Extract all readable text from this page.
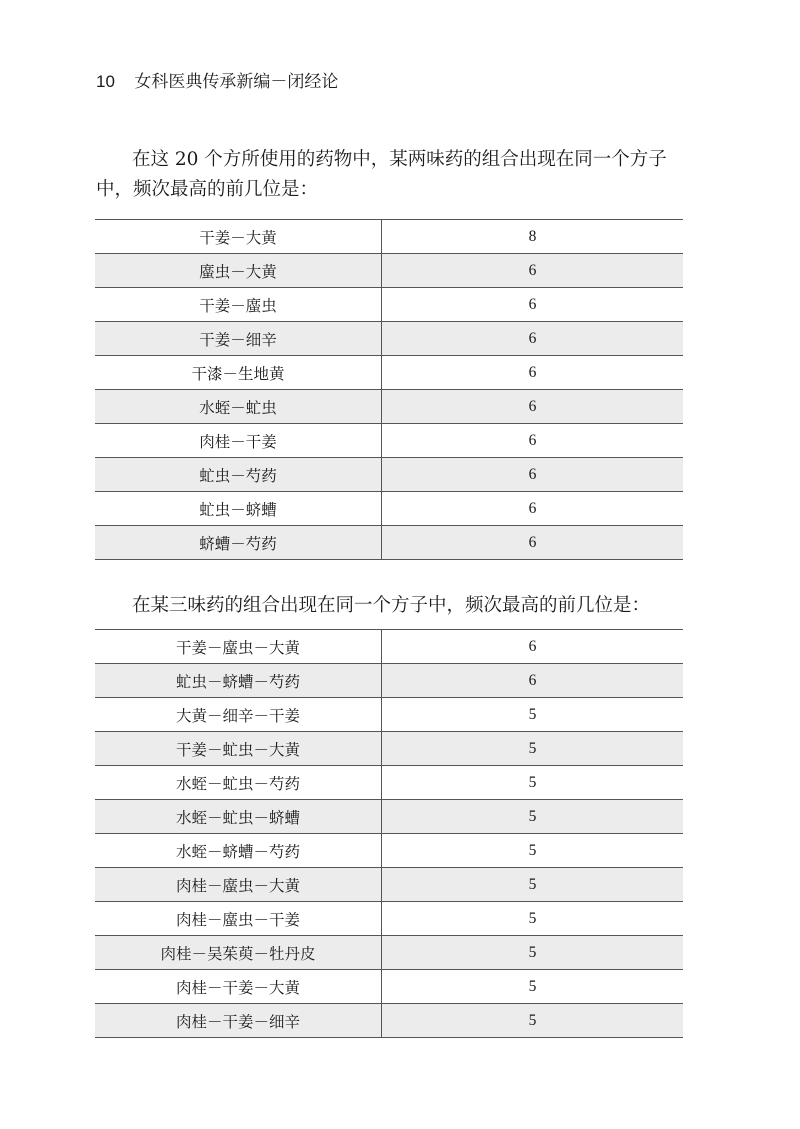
10 女科医典传承新编－闭经论

在这 20 个方所使用的药物中，某两味药的组合出现在同一个方子中，频次最高的前几位是：

干姜－大黄	8
䗪虫－大黄	6
干姜－䗪虫	6
干姜－细辛	6
干漆－生地黄	6
水蛭－虻虫	6
肉桂－干姜	6
虻虫－芍药	6
虻虫－蛴螬	6
蛴螬－芍药	6

在某三味药的组合出现在同一个方子中，频次最高的前几位是：

干姜－䗪虫－大黄	6
虻虫－蛴螬－芍药	6
大黄－细辛－干姜	5
干姜－虻虫－大黄	5
水蛭－虻虫－芍药	5
水蛭－虻虫－蛴螬	5
水蛭－蛴螬－芍药	5
肉桂－䗪虫－大黄	5
肉桂－䗪虫－干姜	5
肉桂－吴茱萸－牡丹皮	5
肉桂－干姜－大黄	5
肉桂－干姜－细辛	5
